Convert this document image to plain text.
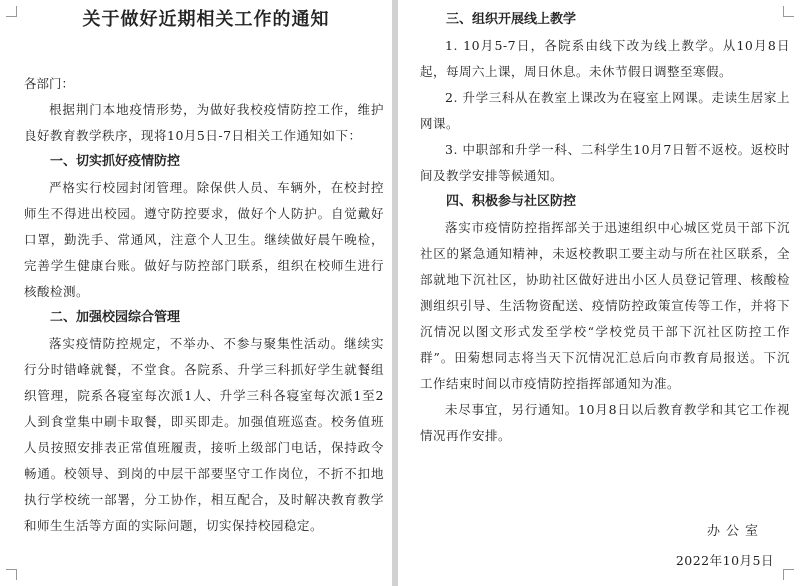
关于做好近期相关工作的通知
各部门：

根据荆门本地疫情形势，为做好我校疫情防控工作，维护良好教育教学秩序，现将10月5日-7日相关工作通知如下：

一、切实抓好疫情防控

严格实行校园封闭管理。除保供人员、车辆外，在校封控师生不得进出校园。遵守防控要求，做好个人防护。自觉戴好口罩，勤洗手、常通风，注意个人卫生。继续做好晨午晚检，完善学生健康台账。做好与防控部门联系，组织在校师生进行核酸检测。

二、加强校园综合管理

落实疫情防控规定，不举办、不参与聚集性活动。继续实行分时错峰就餐，不堂食。各院系、升学三科抓好学生就餐组织管理，院系各寝室每次派1人、升学三科各寝室每次派1至2人到食堂集中刷卡取餐，即买即走。加强值班巡查。校务值班人员按照安排表正常值班履责，接听上级部门电话，保持政令畅通。校领导、到岗的中层干部要坚守工作岗位，不折不扣地执行学校统一部署，分工协作，相互配合，及时解决教育教学和师生生活等方面的实际问题，切实保持校园稳定。

三、组织开展线上教学

1. 10月5-7日，各院系由线下改为线上教学。从10月8日起，每周六上课，周日休息。未休节假日调整至寒假。

2. 升学三科从在教室上课改为在寝室上网课。走读生居家上网课。

3. 中职部和升学一科、二科学生10月7日暂不返校。返校时间及教学安排等候通知。

四、积极参与社区防控

落实市疫情防控指挥部关于迅速组织中心城区党员干部下沉社区的紧急通知精神，未返校教职工要主动与所在社区联系，全部就地下沉社区，协助社区做好进出小区人员登记管理、核酸检测组织引导、生活物资配送、疫情防控政策宣传等工作，并将下沉情况以图文形式发至学校“学校党员干部下沉社区防控工作群”。田菊想同志将当天下沉情况汇总后向市教育局报送。下沉工作结束时间以市疫情防控指挥部通知为准。

未尽事宜，另行通知。10月8日以后教育教学和其它工作视情况再作安排。

办公室
2022年10月5日
